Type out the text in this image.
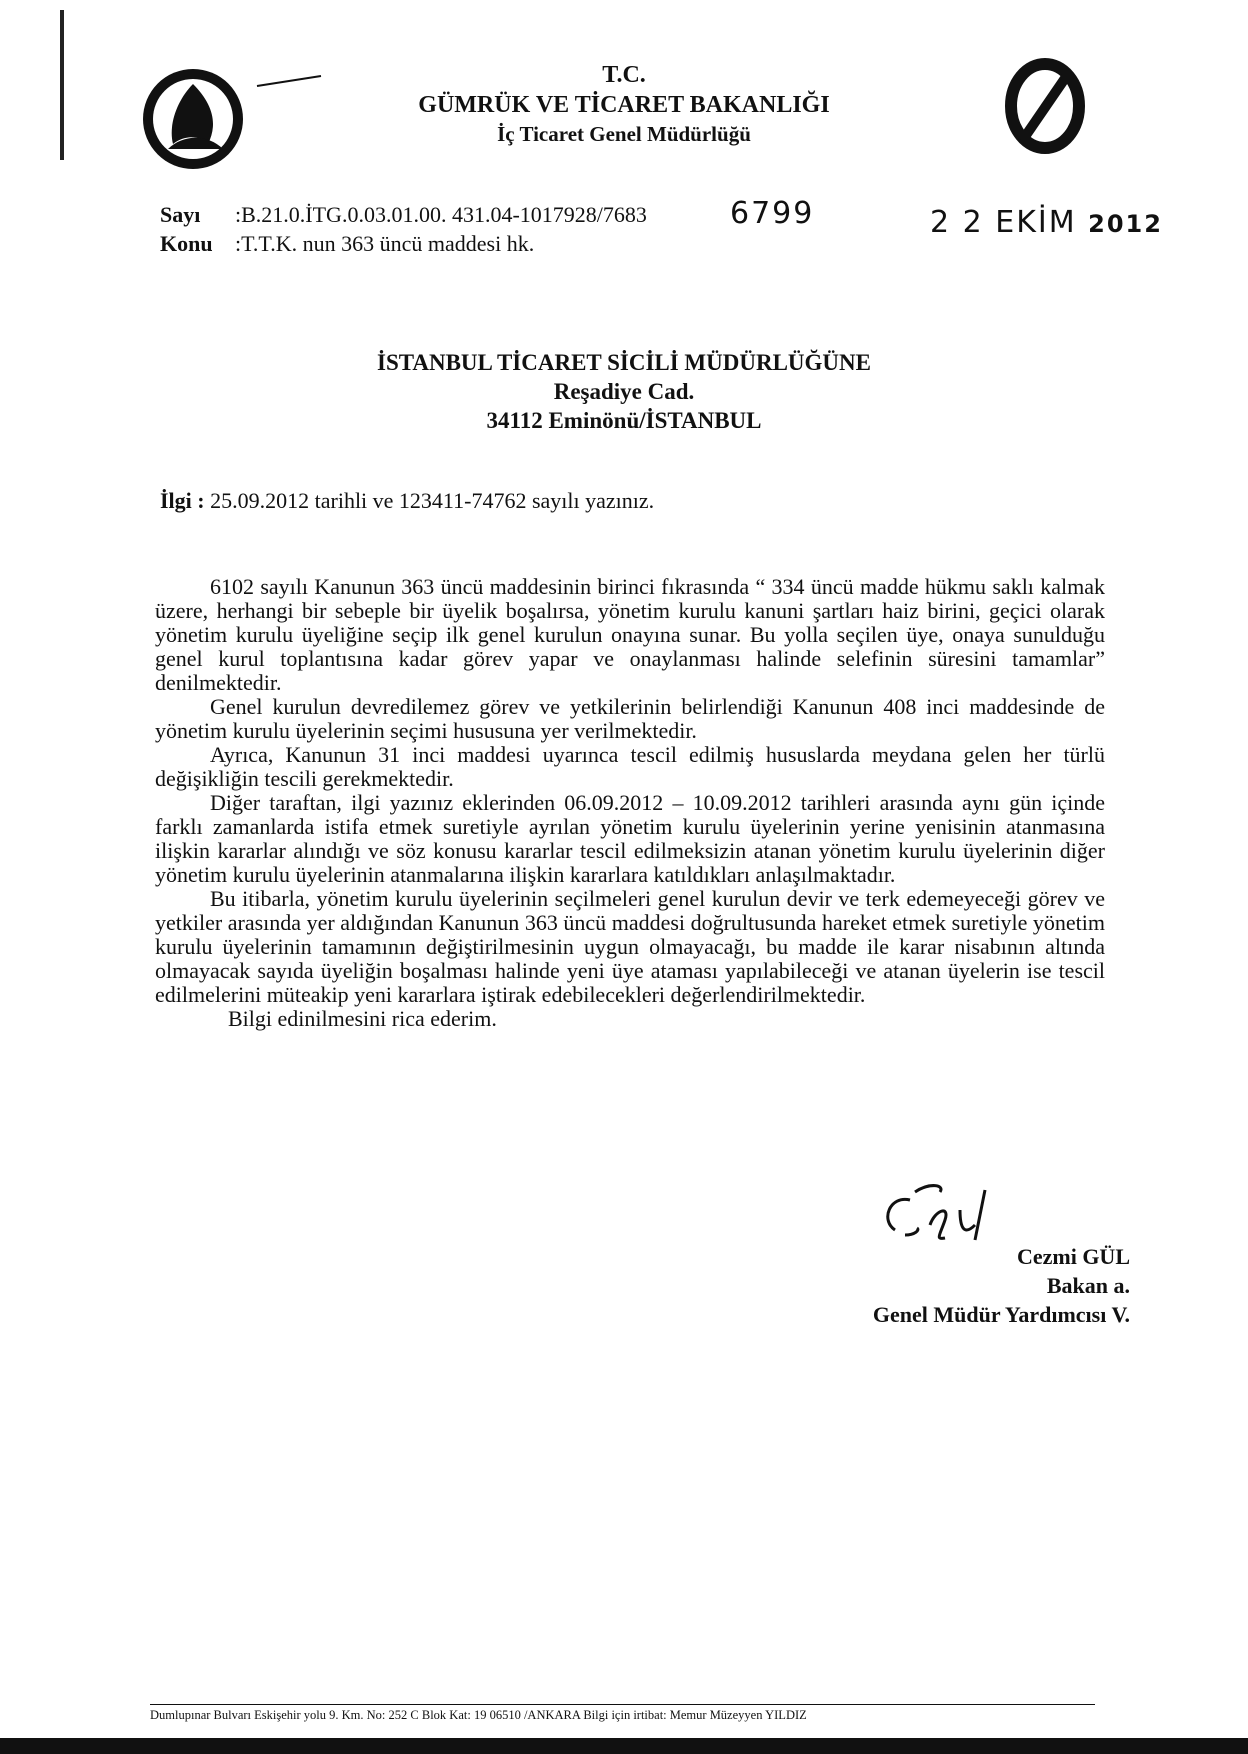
T.C.
GÜMRÜK VE TİCARET BAKANLIĞI
İç Ticaret Genel Müdürlüğü
Sayı :B.21.0.İTG.0.03.01.00. 431.04-1017928/7683
Konu :T.T.K. nun 363 üncü maddesi hk.
6799	2 2 EKİM 2012
İSTANBUL TİCARET SİCİLİ MÜDÜRLÜĞÜNE
Reşadiye Cad.
34112 Eminönü/İSTANBUL
İlgi : 25.09.2012 tarihli ve 123411-74762 sayılı yazınız.

6102 sayılı Kanunun 363 üncü maddesinin birinci fıkrasında “ 334 üncü madde hükmu saklı kalmak üzere, herhangi bir sebeple bir üyelik boşalırsa, yönetim kurulu kanuni şartları haiz birini, geçici olarak yönetim kurulu üyeliğine seçip ilk genel kurulun onayına sunar. Bu yolla seçilen üye, onaya sunulduğu genel kurul toplantısına kadar görev yapar ve onaylanması halinde selefinin süresini tamamlar” denilmektedir.

Genel kurulun devredilemez görev ve yetkilerinin belirlendiği Kanunun 408 inci maddesinde de yönetim kurulu üyelerinin seçimi hususuna yer verilmektedir.

Ayrıca, Kanunun 31 inci maddesi uyarınca tescil edilmiş hususlarda meydana gelen her türlü değişikliğin tescili gerekmektedir.

Diğer taraftan, ilgi yazınız eklerinden 06.09.2012 – 10.09.2012 tarihleri arasında aynı gün içinde farklı zamanlarda istifa etmek suretiyle ayrılan yönetim kurulu üyelerinin yerine yenisinin atanmasına ilişkin kararlar alındığı ve söz konusu kararlar tescil edilmeksizin atanan yönetim kurulu üyelerinin diğer yönetim kurulu üyelerinin atanmalarına ilişkin kararlara katıldıkları anlaşılmaktadır.

Bu itibarla, yönetim kurulu üyelerinin seçilmeleri genel kurulun devir ve terk edemeyeceği görev ve yetkiler arasında yer aldığından Kanunun 363 üncü maddesi doğrultusunda hareket etmek suretiyle yönetim kurulu üyelerinin tamamının değiştirilmesinin uygun olmayacağı, bu madde ile karar nisabının altında olmayacak sayıda üyeliğin boşalması halinde yeni üye ataması yapılabileceği ve atanan üyelerin ise tescil edilmelerini müteakip yeni kararlara iştirak edebilecekleri değerlendirilmektedir.

Bilgi edinilmesini rica ederim.

Cezmi GÜL
Bakan a.
Genel Müdür Yardımcısı V.
Dumlupınar Bulvarı Eskişehir yolu 9. Km. No: 252 C Blok Kat: 19 06510 /ANKARA Bilgi için irtibat: Memur Müzeyyen YILDIZ
